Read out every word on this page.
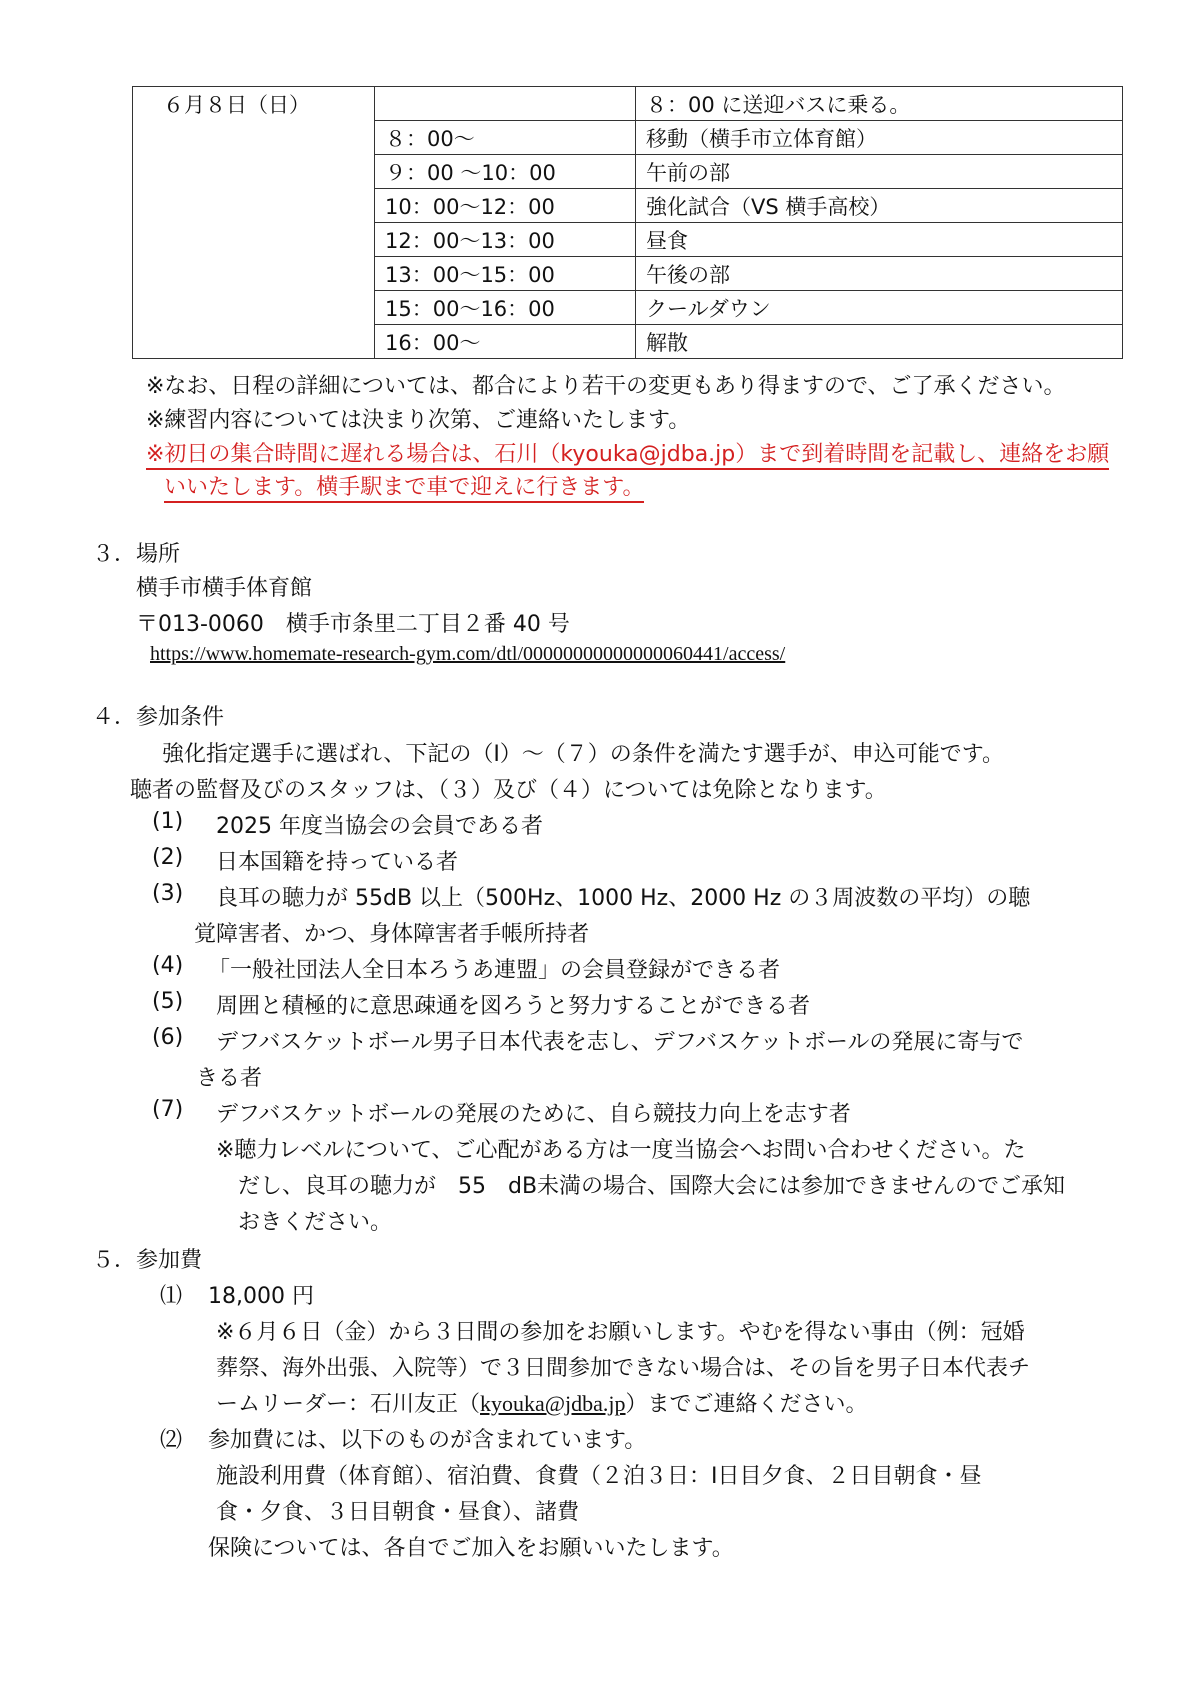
６月８日（日）		８：00 に送迎バスに乗る。
	８：00～	移動（横手市立体育館）
	９：00 ～10：00	午前の部
	10：00～12：00	強化試合（VS 横手高校）
	12：00～13：00	昼食
	13：00～15：00	午後の部
	15：00～16：00	クールダウン
	16：00～	解散
※なお、日程の詳細については、都合により若干の変更もあり得ますので、ご了承ください。
※練習内容については決まり次第、ご連絡いたします。
※初日の集合時間に遅れる場合は、石川（kyouka@jdba.jp）まで到着時間を記載し、連絡をお願
いいたします。横手駅まで車で迎えに行きます。
３．場所
横手市横手体育館
〒013-0060　横手市条里二丁目２番 40 号
https://www.homemate-research-gym.com/dtl/00000000000000060441/access/
４．参加条件
強化指定選手に選ばれ、下記の（Ⅰ）～（７）の条件を満たす選手が、申込可能です。
聴者の監督及びのスタッフは、（３）及び（４）については免除となります。
(1) 2025 年度当協会の会員である者
(2) 日本国籍を持っている者
(3) 良耳の聴力が 55dB 以上（500Hz、1000 Hz、2000 Hz の３周波数の平均）の聴
覚障害者、かつ、身体障害者手帳所持者
(4) 「一般社団法人全日本ろうあ連盟」の会員登録ができる者
(5) 周囲と積極的に意思疎通を図ろうと努力することができる者
(6) デフバスケットボール男子日本代表を志し、デフバスケットボールの発展に寄与で
きる者
(7) デフバスケットボールの発展のために、自ら競技力向上を志す者
※聴力レベルについて、ご心配がある方は一度当協会へお問い合わせください。た
だし、良耳の聴力が　55　dB未満の場合、国際大会には参加できませんのでご承知
おきください。
５．参加費
⑴ 18,000 円
※６月６日（金）から３日間の参加をお願いします。やむを得ない事由（例：冠婚
葬祭、海外出張、入院等）で３日間参加できない場合は、その旨を男子日本代表チ
ームリーダー：石川友正（kyouka@jdba.jp）までご連絡ください。
⑵ 参加費には、以下のものが含まれています。
施設利用費（体育館）、宿泊費、食費（２泊３日：Ⅰ日目夕食、２日目朝食・昼
食・夕食、３日目朝食・昼食）、諸費
保険については、各自でご加入をお願いいたします。
